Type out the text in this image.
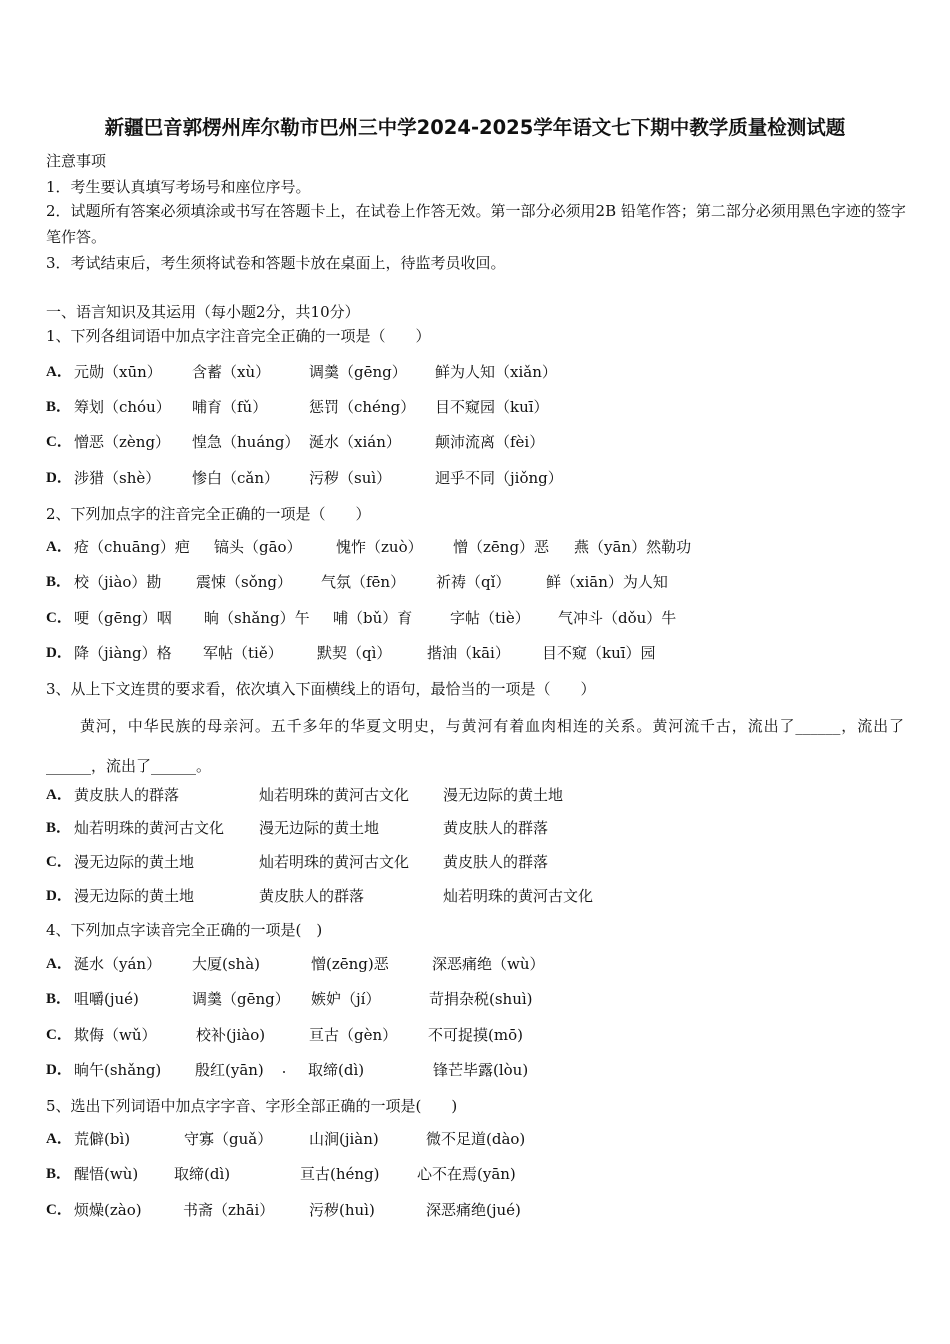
新疆巴音郭楞州库尔勒市巴州三中学2024-2025学年语文七下期中教学质量检测试题
注意事项
1．考生要认真填写考场号和座位序号。
2．试题所有答案必须填涂或书写在答题卡上，在试卷上作答无效。第一部分必须用2B 铅笔作答；第二部分必须用黑色字迹的签字笔作答。
3．考试结束后，考生须将试卷和答题卡放在桌面上，待监考员收回。
一、语言知识及其运用（每小题2分，共10分）
1、下列各组词语中加点字注音完全正确的一项是（　　）
A． 元勋（xūn） 含蓄（xù）	调羹（gēng） 鲜为人知（xiǎn）
B． 筹划（chóu） 哺育（fǔ）	惩罚（chéng） 目不窥园（kuī）
C． 憎恶（zèng） 惶急（huáng） 涎水（xián） 颠沛流离（fèi）
D． 涉猎（shè） 惨白（cǎn） 污秽（suì）	迥乎不同（jiǒng）
2、下列加点字的注音完全正确的一项是（　　）
A． 疮（chuāng）疤 镐头（gāo） 愧怍（zuò） 憎（zēng）恶 燕（yān）然勒功
B． 校（jiào）勘 震悚（sǒng） 气氛（fēn） 祈祷（qǐ） 鲜（xiān）为人知
C． 哽（gēng）咽 晌（shǎng）午 哺（bǔ）育	字帖（tiè） 气冲斗（dǒu）牛
D． 降（jiàng）格 军帖（tiě） 默契（qì） 揩油（kāi） 目不窥（kuī）园
3、从上下文连贯的要求看，依次填入下面横线上的语句，最恰当的一项是（　　）
黄河，中华民族的母亲河。五千多年的华夏文明史，与黄河有着血肉相连的关系。黄河流千古，流出了______，流出了______，流出了______。
A． 黄皮肤人的群落	灿若明珠的黄河古文化 漫无边际的黄土地
B． 灿若明珠的黄河古文化 漫无边际的黄土地	黄皮肤人的群落
C． 漫无边际的黄土地	灿若明珠的黄河古文化 黄皮肤人的群落
D． 漫无边际的黄土地	黄皮肤人的群落	灿若明珠的黄河古文化
4、下列加点字读音完全正确的一项是(　)
A． 涎水（yán） 大厦(shà)	憎(zēng)恶	深恶痛绝（wù）
B． 咀嚼(jué)	调羹（gēng） 嫉妒（jí）	苛捐杂税(shuì)
C． 欺侮（wǔ）	校补(jiào)	亘古（gèn） 不可捉摸(mō)
D． 晌午(shǎng) 殷红(yān)	取缔(dì)	锋芒毕露(lòu)
5、选出下列词语中加点字字音、字形全部正确的一项是(　　)
A． 荒僻(bì)	守寡（guǎ） 山涧(jiàn)	微不足道(dào)
B． 醒悟(wù) 取缔(dì)	亘古(héng) 心不在焉(yān)
C． 烦燥(zào)	书斋（zhāi） 污秽(huì)	深恶痛绝(jué)
